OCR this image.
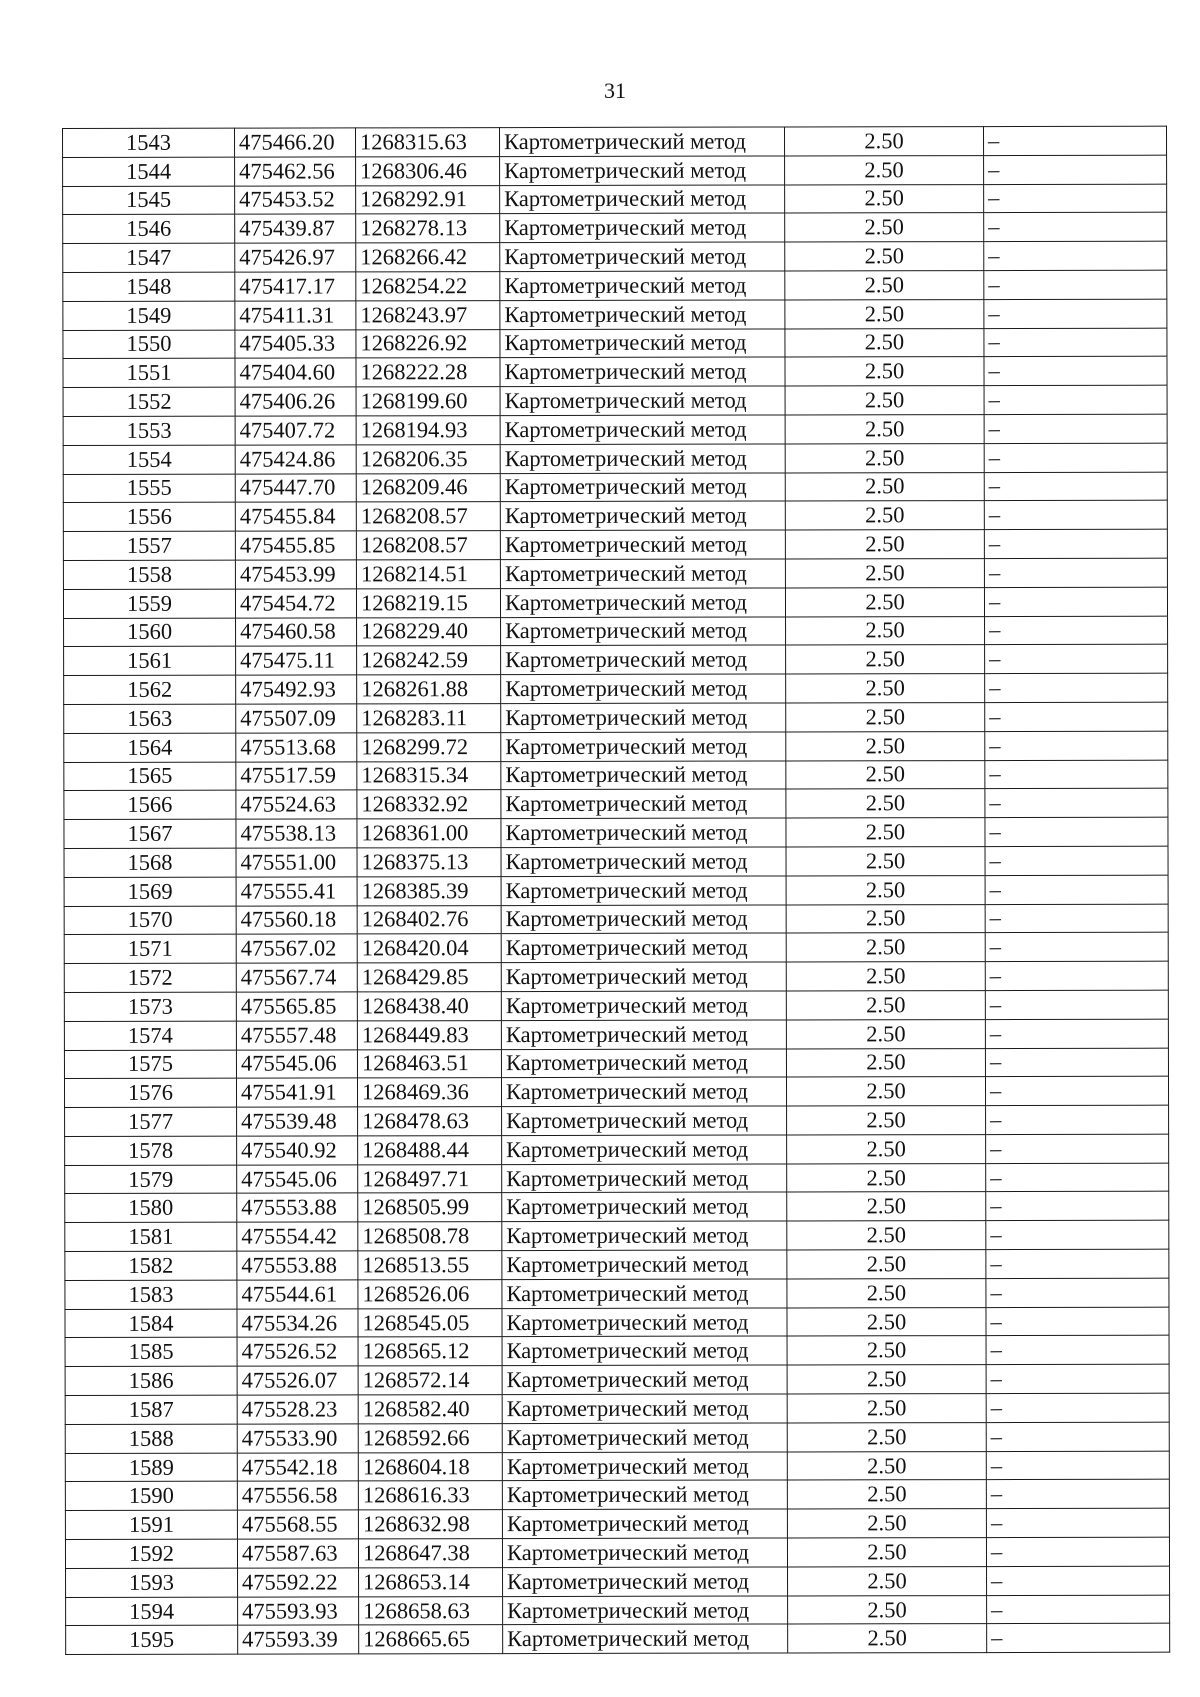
31
1543	475466.20	1268315.63	Картометрический метод	2.50	–
1544	475462.56	1268306.46	Картометрический метод	2.50	–
1545	475453.52	1268292.91	Картометрический метод	2.50	–
1546	475439.87	1268278.13	Картометрический метод	2.50	–
1547	475426.97	1268266.42	Картометрический метод	2.50	–
1548	475417.17	1268254.22	Картометрический метод	2.50	–
1549	475411.31	1268243.97	Картометрический метод	2.50	–
1550	475405.33	1268226.92	Картометрический метод	2.50	–
1551	475404.60	1268222.28	Картометрический метод	2.50	–
1552	475406.26	1268199.60	Картометрический метод	2.50	–
1553	475407.72	1268194.93	Картометрический метод	2.50	–
1554	475424.86	1268206.35	Картометрический метод	2.50	–
1555	475447.70	1268209.46	Картометрический метод	2.50	–
1556	475455.84	1268208.57	Картометрический метод	2.50	–
1557	475455.85	1268208.57	Картометрический метод	2.50	–
1558	475453.99	1268214.51	Картометрический метод	2.50	–
1559	475454.72	1268219.15	Картометрический метод	2.50	–
1560	475460.58	1268229.40	Картометрический метод	2.50	–
1561	475475.11	1268242.59	Картометрический метод	2.50	–
1562	475492.93	1268261.88	Картометрический метод	2.50	–
1563	475507.09	1268283.11	Картометрический метод	2.50	–
1564	475513.68	1268299.72	Картометрический метод	2.50	–
1565	475517.59	1268315.34	Картометрический метод	2.50	–
1566	475524.63	1268332.92	Картометрический метод	2.50	–
1567	475538.13	1268361.00	Картометрический метод	2.50	–
1568	475551.00	1268375.13	Картометрический метод	2.50	–
1569	475555.41	1268385.39	Картометрический метод	2.50	–
1570	475560.18	1268402.76	Картометрический метод	2.50	–
1571	475567.02	1268420.04	Картометрический метод	2.50	–
1572	475567.74	1268429.85	Картометрический метод	2.50	–
1573	475565.85	1268438.40	Картометрический метод	2.50	–
1574	475557.48	1268449.83	Картометрический метод	2.50	–
1575	475545.06	1268463.51	Картометрический метод	2.50	–
1576	475541.91	1268469.36	Картометрический метод	2.50	–
1577	475539.48	1268478.63	Картометрический метод	2.50	–
1578	475540.92	1268488.44	Картометрический метод	2.50	–
1579	475545.06	1268497.71	Картометрический метод	2.50	–
1580	475553.88	1268505.99	Картометрический метод	2.50	–
1581	475554.42	1268508.78	Картометрический метод	2.50	–
1582	475553.88	1268513.55	Картометрический метод	2.50	–
1583	475544.61	1268526.06	Картометрический метод	2.50	–
1584	475534.26	1268545.05	Картометрический метод	2.50	–
1585	475526.52	1268565.12	Картометрический метод	2.50	–
1586	475526.07	1268572.14	Картометрический метод	2.50	–
1587	475528.23	1268582.40	Картометрический метод	2.50	–
1588	475533.90	1268592.66	Картометрический метод	2.50	–
1589	475542.18	1268604.18	Картометрический метод	2.50	–
1590	475556.58	1268616.33	Картометрический метод	2.50	–
1591	475568.55	1268632.98	Картометрический метод	2.50	–
1592	475587.63	1268647.38	Картометрический метод	2.50	–
1593	475592.22	1268653.14	Картометрический метод	2.50	–
1594	475593.93	1268658.63	Картометрический метод	2.50	–
1595	475593.39	1268665.65	Картометрический метод	2.50	–
